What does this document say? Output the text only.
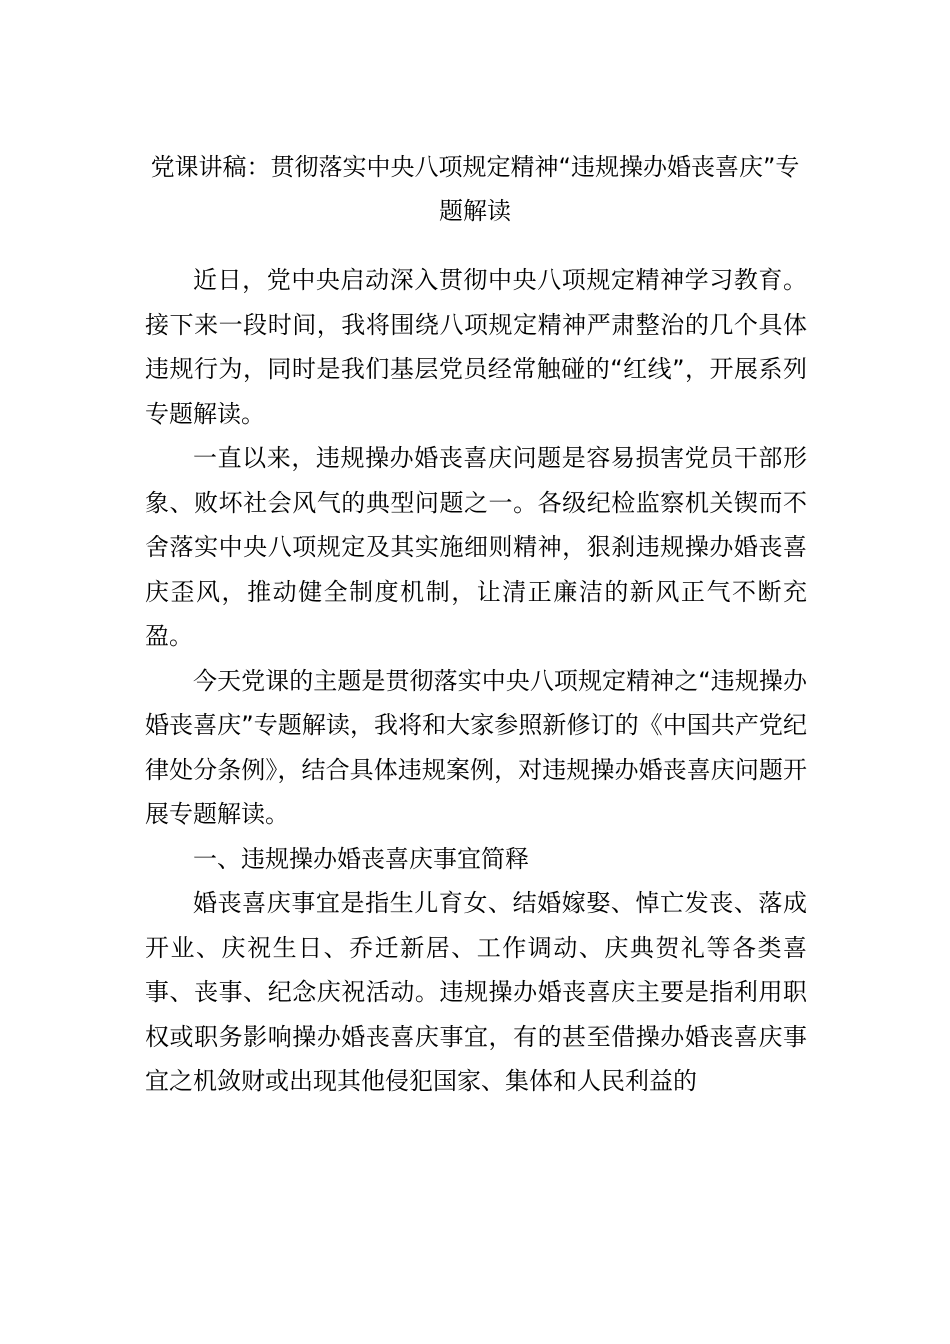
党课讲稿：贯彻落实中央八项规定精神“违规操办婚丧喜庆”专题解读

近日，党中央启动深入贯彻中央八项规定精神学习教育。接下来一段时间，我将围绕八项规定精神严肃整治的几个具体违规行为，同时是我们基层党员经常触碰的“红线”，开展系列专题解读。

一直以来，违规操办婚丧喜庆问题是容易损害党员干部形象、败坏社会风气的典型问题之一。各级纪检监察机关锲而不舍落实中央八项规定及其实施细则精神，狠刹违规操办婚丧喜庆歪风，推动健全制度机制，让清正廉洁的新风正气不断充盈。

今天党课的主题是贯彻落实中央八项规定精神之“违规操办婚丧喜庆”专题解读，我将和大家参照新修订的《中国共产党纪律处分条例》，结合具体违规案例，对违规操办婚丧喜庆问题开展专题解读。

一、违规操办婚丧喜庆事宜简释

婚丧喜庆事宜是指生儿育女、结婚嫁娶、悼亡发丧、落成开业、庆祝生日、乔迁新居、工作调动、庆典贺礼等各类喜事、丧事、纪念庆祝活动。违规操办婚丧喜庆主要是指利用职权或职务影响操办婚丧喜庆事宜，有的甚至借操办婚丧喜庆事宜之机敛财或出现其他侵犯国家、集体和人民利益的
